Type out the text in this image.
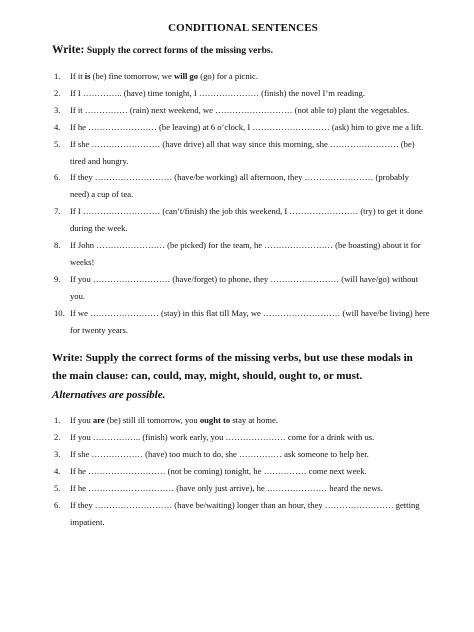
CONDITIONAL SENTENCES
Write: Supply the correct forms of the missing verbs.
1. If it is (be) fine tomorrow, we will go (go) for a picnic.
2. If I ………….. (have) time tonight, I ………………… (finish) the novel I’m reading.
3. If it …………… (rain) next weekend, we ……………………… (not able to) plant the vegetables.
4. If he …………………… (be leaving) at 6 o’clock, I ……………………… (ask) him to give me a lift.
5. If she …………………… (have drive) all that way since this morning, she …………………… (be) tired and hungry.
6. If they ……………………… (have/be working) all afternoon, they …………………… (probably need) a cup of tea.
7. If I ……………………… (can’t/finish) the job this weekend, I …………………… (try) to get it done during the week.
8. If John …………………… (be picked) for the team, he …………………… (be boasting) about it for weeks!
9. If you ……………………… (have/forget) to phone, they …………………… (will have/go) without you.
10. If we …………………… (stay) in this flat till May, we ……………………… (will have/be living) here for twenty years.
Write: Supply the correct forms of the missing verbs, but use these modals in the main clause: can, could, may, might, should, ought to, or must.
Alternatives are possible.
1. If you are (be) still ill tomorrow, you ought to stay at home.
2. If you …………….. (finish) work early, you ………………… come for a drink with us.
3. If she ……………… (have) too much to do, she …………… ask someone to help her.
4. If he ……………………… (not be coming) tonight, he …………… come next week.
5. If he ………………………… (have only just arrive), he ………………… heard the news.
6. If they ……………………… (have be/waiting) longer than an hour, they …………………… getting impatient.
